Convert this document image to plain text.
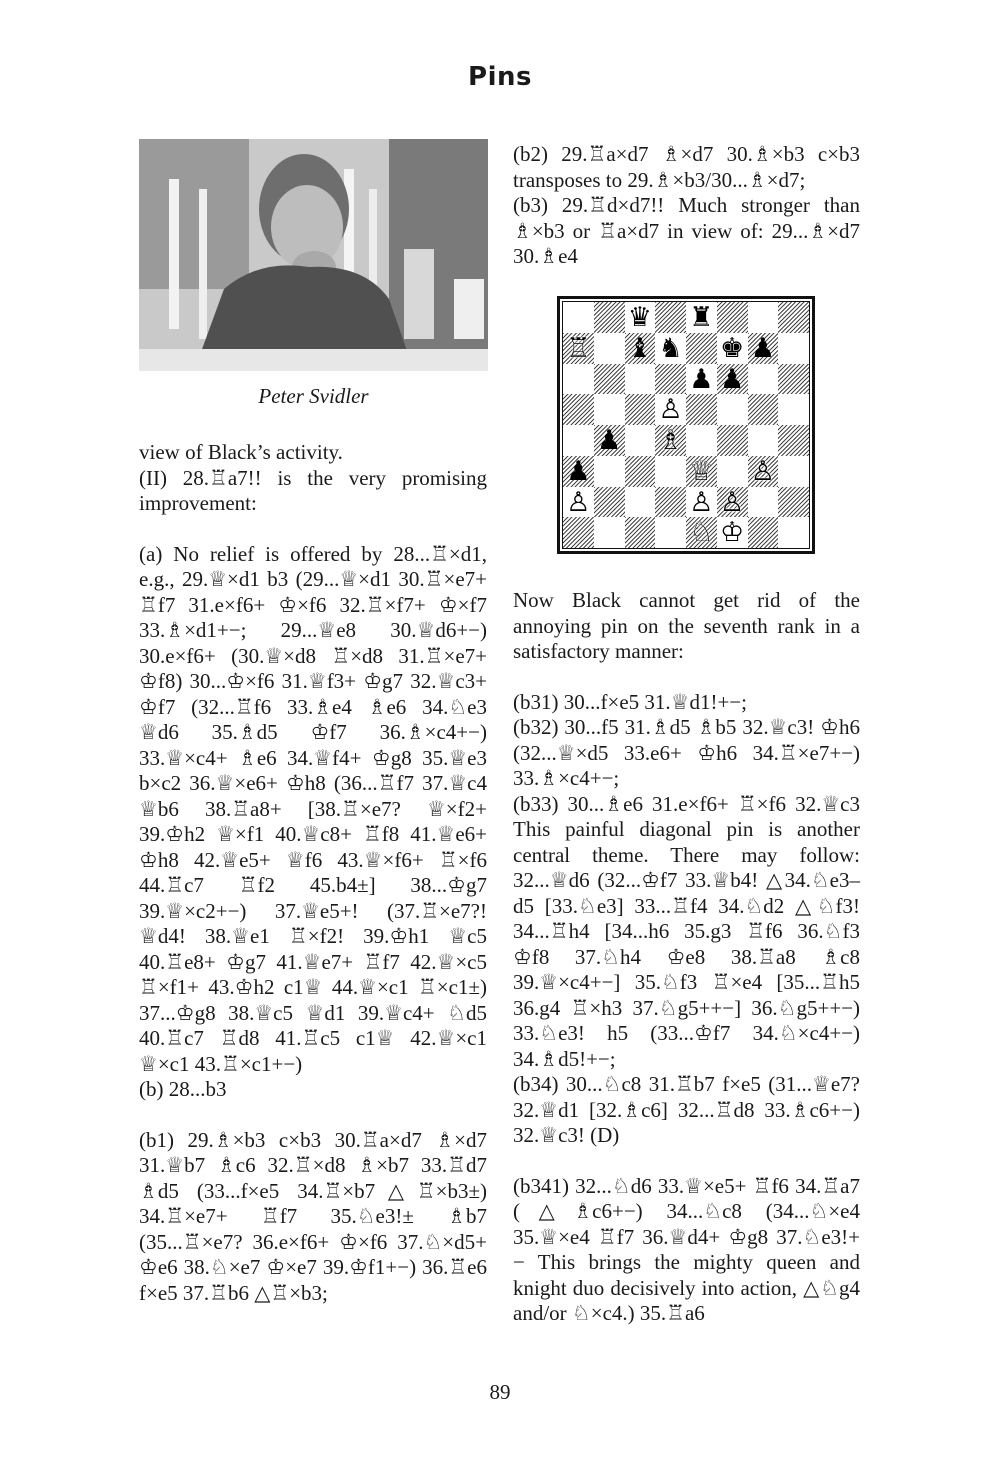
Pins
Peter Svidler

view of Black’s activity.

(II) 28.♖a7!! is the very promising improvement:

(a) No relief is offered by 28...♖×d1, e.g., 29.♕×d1 b3 (29...♕×d1 30.♖×e7+ ♖f7 31.e×f6+ ♔×f6 32.♖×f7+ ♔×f7 33.♗×d1+−; 29...♕e8 30.♕d6+−) 30.e×f6+ (30.♕×d8 ♖×d8 31.♖×e7+ ♔f8) 30...♔×f6 31.♕f3+ ♔g7 32.♕c3+ ♔f7 (32...♖f6 33.♗e4 ♗e6 34.♘e3 ♕d6 35.♗d5 ♔f7 36.♗×c4+−) 33.♕×c4+ ♗e6 34.♕f4+ ♔g8 35.♕e3 b×c2 36.♕×e6+ ♔h8 (36...♖f7 37.♕c4 ♕b6 38.♖a8+ [38.♖×e7? ♕×f2+ 39.♔h2 ♕×f1 40.♕c8+ ♖f8 41.♕e6+ ♔h8 42.♕e5+ ♕f6 43.♕×f6+ ♖×f6 44.♖c7 ♖f2 45.b4±] 38...♔g7 39.♕×c2+−) 37.♕e5+! (37.♖×e7?! ♕d4! 38.♕e1 ♖×f2! 39.♔h1 ♕c5 40.♖e8+ ♔g7 41.♕e7+ ♖f7 42.♕×c5 ♖×f1+ 43.♔h2 c1♕ 44.♕×c1 ♖×c1±) 37...♔g8 38.♕c5 ♕d1 39.♕c4+ ♘d5 40.♖c7 ♖d8 41.♖c5 c1♕ 42.♕×c1 ♕×c1 43.♖×c1+−)

(b) 28...b3

(b1) 29.♗×b3 c×b3 30.♖a×d7 ♗×d7 31.♕b7 ♗c6 32.♖×d8 ♗×b7 33.♖d7 ♗d5 (33...f×e5 34.♖×b7△♖×b3±) 34.♖×e7+ ♖f7 35.♘e3!± ♗b7 (35...♖×e7? 36.e×f6+ ♔×f6 37.♘×d5+ ♔e6 38.♘×e7 ♔×e7 39.♔f1+−) 36.♖e6 f×e5 37.♖b6 △♖×b3;

(b2) 29.♖a×d7 ♗×d7 30.♗×b3 c×b3 transposes to 29.♗×b3/30...♗×d7;

(b3) 29.♖d×d7!! Much stronger than ♗×b3 or ♖a×d7 in view of: 29...♗×d7 30.♗e4

♛ ♜
♖ ♝ ♞ ♚ ♟
♟ ♟
♙
♟ ♗
♟	♕ ♙
♙	♙ ♙
♘ ♔

Now Black cannot get rid of the annoying pin on the seventh rank in a satisfactory manner:

(b31) 30...f×e5 31.♕d1!+−;

(b32) 30...f5 31.♗d5 ♗b5 32.♕c3! ♔h6 (32...♕×d5 33.e6+ ♔h6 34.♖×e7+−) 33.♗×c4+−;

(b33) 30...♗e6 31.e×f6+ ♖×f6 32.♕c3 This painful diagonal pin is another central theme. There may follow: 32...♕d6 (32...♔f7 33.♕b4! △34.♘e3–d5 [33.♘e3] 33...♖f4 34.♘d2 △♘f3! 34...♖h4 [34...h6 35.g3 ♖f6 36.♘f3 ♔f8 37.♘h4 ♔e8 38.♖a8 ♗c8 39.♕×c4+−] 35.♘f3 ♖×e4 [35...♖h5 36.g4 ♖×h3 37.♘g5++−] 36.♘g5++−) 33.♘e3! h5 (33...♔f7 34.♘×c4+−) 34.♗d5!+−;

(b34) 30...♘c8 31.♖b7 f×e5 (31...♕e7? 32.♕d1 [32.♗c6] 32...♖d8 33.♗c6+−) 32.♕c3! (D)

(b341) 32...♘d6 33.♕×e5+ ♖f6 34.♖a7 (△♗c6+−) 34...♘c8 (34...♘×e4 35.♕×e4 ♖f7 36.♕d4+ ♔g8 37.♘e3!+− This brings the mighty queen and knight duo decisively into action, △♘g4 and/or ♘×c4.) 35.♖a6

89
